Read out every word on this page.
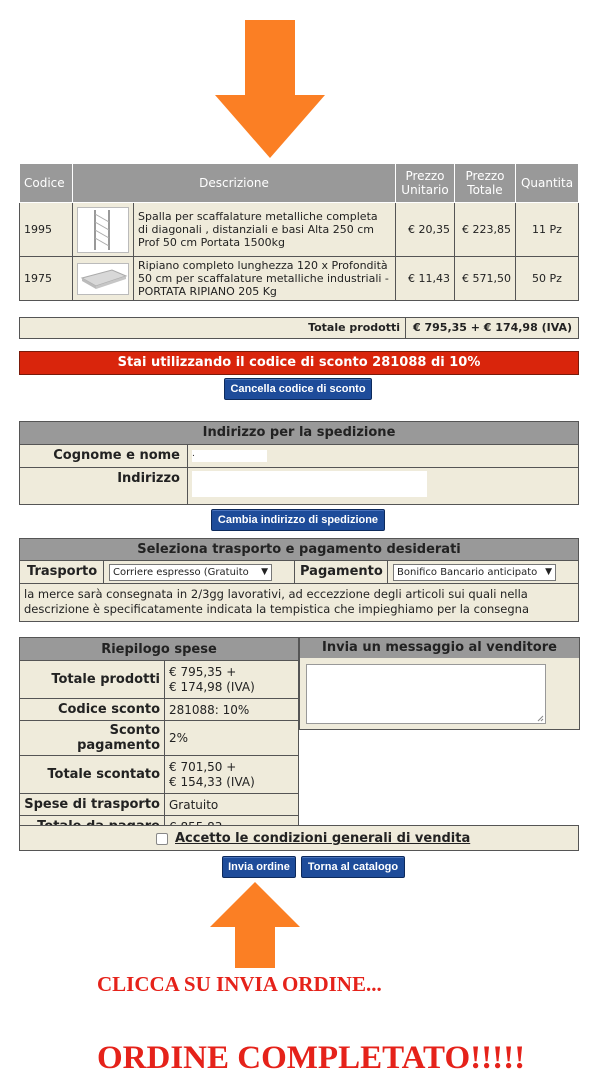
Codice	Descrizione		Prezzo Unitario	Prezzo Totale	Quantita
1995		Spalla per scaffalature metalliche completa di diagonali , distanziali e basi Alta 250 cm Prof 50 cm Portata 1500kg	€ 20,35	€ 223,85	11 Pz
1975		Ripiano completo lunghezza 120 x Profondità 50 cm per scaffalature metalliche industriali - PORTATA RIPIANO 205 Kg	€ 11,43	€ 571,50	50 Pz
Totale prodotti € 795,35 + € 174,98 (IVA)
Stai utilizzando il codice di sconto 281088 di 10%
Cancella codice di sconto
Indirizzo per la spedizione
Cognome e nome .
Indirizzo
Cambia indirizzo di spedizione
Seleziona trasporto e pagamento desiderati
Trasporto	Corriere espresso (Gratuito	▼ Pagamento	Bonifico Bancario anticipato ▼
la merce sarà consegnata in 2/3gg lavorativi, ad eccezzione degli articoli sui quali nella descrizione è specificatamente indicata la tempistica che impieghiamo per la consegna
Riepilogo spese	
Totale prodotti	€ 795,35 +
€ 174,98 (IVA)
Codice sconto	281088: 10%
Sconto pagamento	2%
Totale scontato	€ 701,50 +
€ 154,33 (IVA)
Spese di trasporto	Gratuito

Invia un messaggio al venditore
Accetto le condizioni generali di vendita
Invia ordine	Torna al catalogo
CLICCA SU INVIA ORDINE...
ORDINE COMPLETATO!!!!!
